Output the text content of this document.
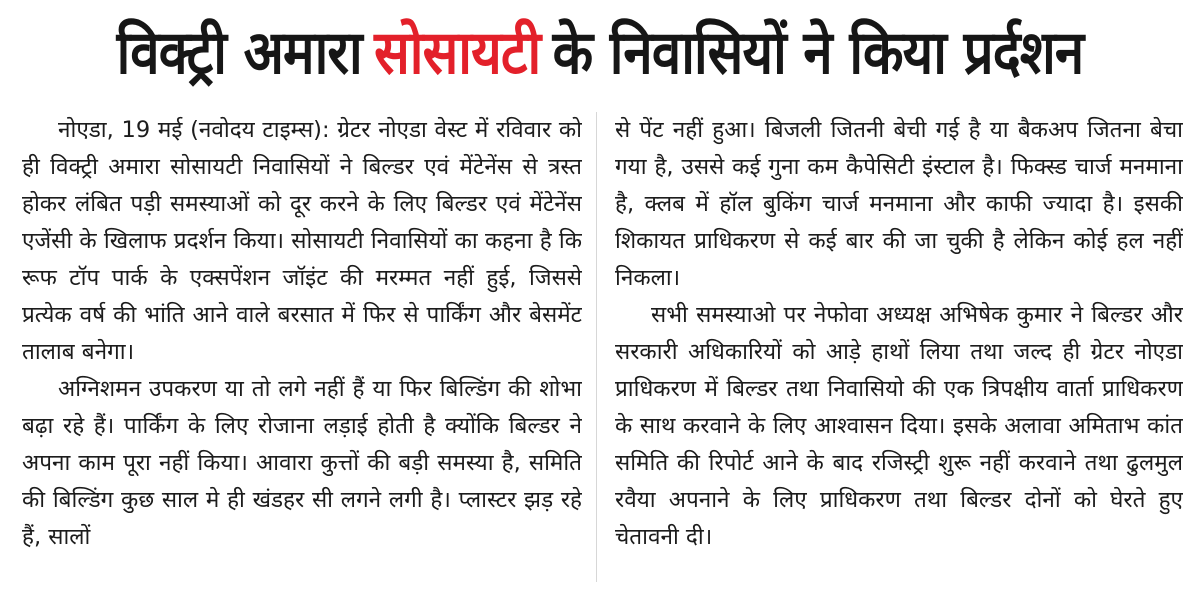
विक्ट्री अमारा सोसायटी के निवासियों ने किया प्रर्दशन

नोएडा, 19 मई (नवोदय टाइम्स): ग्रेटर नोएडा वेस्ट में रविवार को ही विक्ट्री अमारा सोसायटी निवासियों ने बिल्डर एवं मेंटेनेंस से त्रस्त होकर लंबित पड़ी समस्याओं को दूर करने के लिए बिल्डर एवं मेंटेनेंस एजेंसी के खिलाफ प्रदर्शन किया। सोसायटी निवासियों का कहना है कि रूफ टॉप पार्क के एक्सपेंशन जॉइंट की मरम्मत नहीं हुई, जिससे प्रत्येक वर्ष की भांति आने वाले बरसात में फिर से पार्किंग और बेसमेंट तालाब बनेगा।

अग्निशमन उपकरण या तो लगे नहीं हैं या फिर बिल्डिंग की शोभा बढ़ा रहे हैं। पार्किंग के लिए रोजाना लड़ाई होती है क्योंकि बिल्डर ने अपना काम पूरा नहीं किया। आवारा कुत्तों की बड़ी समस्या है, समिति की बिल्डिंग कुछ साल मे ही खंडहर सी लगने लगी है। प्लास्टर झड़ रहे हैं, सालों

से पेंट नहीं हुआ। बिजली जितनी बेची गई है या बैकअप जितना बेचा गया है, उससे कई गुना कम कैपेसिटी इंस्टाल है। फिक्स्ड चार्ज मनमाना है, क्लब में हॉल बुकिंग चार्ज मनमाना और काफी ज्यादा है। इसकी शिकायत प्राधिकरण से कई बार की जा चुकी है लेकिन कोई हल नहीं निकला।

सभी समस्याओ पर नेफोवा अध्यक्ष अभिषेक कुमार ने बिल्डर और सरकारी अधिकारियों को आड़े हाथों लिया तथा जल्द ही ग्रेटर नोएडा प्राधिकरण में बिल्डर तथा निवासियो की एक त्रिपक्षीय वार्ता प्राधिकरण के साथ करवाने के लिए आश्वासन दिया। इसके अलावा अमिताभ कांत समिति की रिपोर्ट आने के बाद रजिस्ट्री शुरू नहीं करवाने तथा ढुलमुल रवैया अपनाने के लिए प्राधिकरण तथा बिल्डर दोनों को घेरते हुए चेतावनी दी।
